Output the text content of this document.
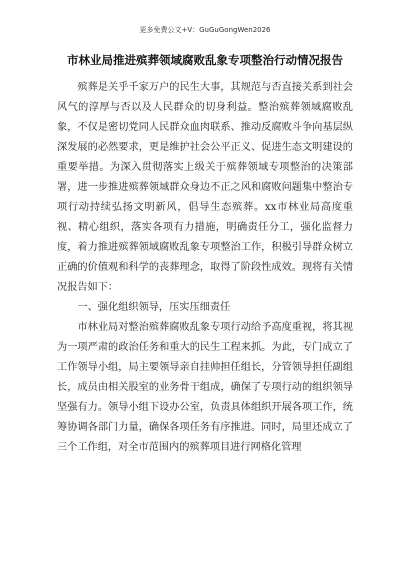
更多免费公文+V：GuGuGongWen2026
市林业局推进殡葬领域腐败乱象专项整治行动情况报告

殡葬是关乎千家万户的民生大事，其规范与否直接关系到社会风气的淳厚与否以及人民群众的切身利益。整治殡葬领域腐败乱象，不仅是密切党同人民群众血肉联系、推动反腐败斗争向基层纵深发展的必然要求，更是维护社会公平正义、促进生态文明建设的重要举措。为深入贯彻落实上级关于殡葬领域专项整治的决策部署，进一步推进殡葬领域群众身边不正之风和腐败问题集中整治专项行动持续弘扬文明新风，倡导生态殡葬。xx市林业局高度重视、精心组织，落实各项有力措施，明确责任分工，强化监督力度，着力推进殡葬领域腐败乱象专项整治工作，积极引导群众树立正确的价值观和科学的丧葬理念，取得了阶段性成效。现将有关情况报告如下：

一、强化组织领导，压实压细责任

市林业局对整治殡葬腐败乱象专项行动给予高度重视，将其视为一项严肃的政治任务和重大的民生工程来抓。为此，专门成立了工作领导小组，局主要领导亲自挂帅担任组长，分管领导担任副组长，成员由相关股室的业务骨干组成，确保了专项行动的组织领导坚强有力。领导小组下设办公室，负责具体组织开展各项工作，统筹协调各部门力量，确保各项任务有序推进。同时，局里还成立了三个工作组，对全市范围内的殡葬项目进行网格化管理
